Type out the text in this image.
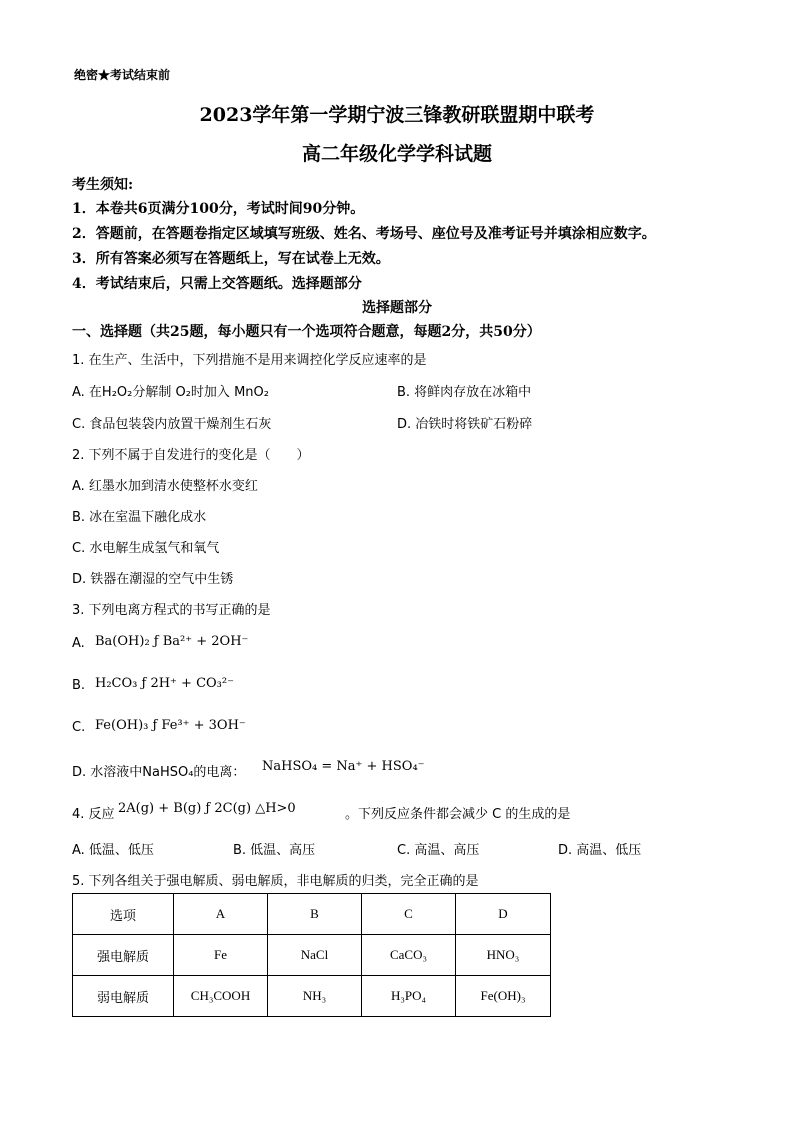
绝密★考试结束前
2023学年第一学期宁波三锋教研联盟期中联考
高二年级化学学科试题
考生须知:
1．本卷共6页满分100分，考试时间90分钟。
2．答题前，在答题卷指定区域填写班级、姓名、考场号、座位号及准考证号并填涂相应数字。
3．所有答案必须写在答题纸上，写在试卷上无效。
4．考试结束后，只需上交答题纸。选择题部分
选择题部分
一、选择题（共25题，每小题只有一个选项符合题意，每题2分，共50分）
1. 在生产、生活中，下列措施不是用来调控化学反应速率的是
A. 在H₂O₂分解制 O₂时加入 MnO₂	B. 将鲜肉存放在冰箱中
C. 食品包装袋内放置干燥剂生石灰	D. 冶铁时将铁矿石粉碎
2. 下列不属于自发进行的变化是（　　）
A. 红墨水加到清水使整杯水变红
B. 冰在室温下融化成水
C. 水电解生成氢气和氧气
D. 铁器在潮湿的空气中生锈
3. 下列电离方程式的书写正确的是
A. Ba(OH)₂ ƒ Ba²⁺ + 2OH⁻
B. H₂CO₃ ƒ 2H⁺ + CO₃²⁻
C. Fe(OH)₃ ƒ Fe³⁺ + 3OH⁻
D. 水溶液中NaHSO₄的电离： NaHSO₄ = Na⁺ + HSO₄⁻
4. 反应 2A(g) + B(g) ƒ 2C(g) △H>0	。下列反应条件都会减少 C 的生成的是
A. 低温、低压	B. 低温、高压	C. 高温、高压	D. 高温、低压
5. 下列各组关于强电解质、弱电解质，非电解质的归类，完全正确的是
选项	A	B	C	D
强电解质	Fe	NaCl	CaCO₃	HNO₃
弱电解质	CH₃COOH	NH₃	H₃PO₄	Fe(OH)₃
